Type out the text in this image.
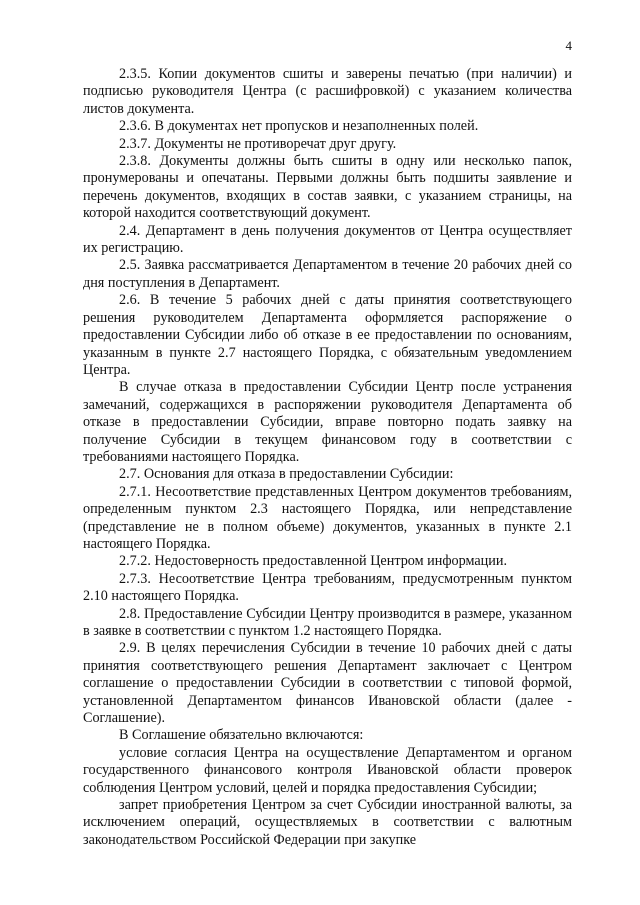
4

2.3.5. Копии документов сшиты и заверены печатью (при наличии) и подписью руководителя Центра (с расшифровкой) с указанием количества листов документа.

2.3.6. В документах нет пропусков и незаполненных полей.

2.3.7. Документы не противоречат друг другу.

2.3.8. Документы должны быть сшиты в одну или несколько папок, пронумерованы и опечатаны. Первыми должны быть подшиты заявление и перечень документов, входящих в состав заявки, с указанием страницы, на которой находится соответствующий документ.

2.4. Департамент в день получения документов от Центра осуществляет их регистрацию.

2.5. Заявка рассматривается Департаментом в течение 20 рабочих дней со дня поступления в Департамент.

2.6. В течение 5 рабочих дней с даты принятия соответствующего решения руководителем Департамента оформляется распоряжение о предоставлении Субсидии либо об отказе в ее предоставлении по основаниям, указанным в пункте 2.7 настоящего Порядка, с обязательным уведомлением Центра.

В случае отказа в предоставлении Субсидии Центр после устранения замечаний, содержащихся в распоряжении руководителя Департамента об отказе в предоставлении Субсидии, вправе повторно подать заявку на получение Субсидии в текущем финансовом году в соответствии с требованиями настоящего Порядка.

2.7. Основания для отказа в предоставлении Субсидии:

2.7.1. Несоответствие представленных Центром документов требованиям, определенным пунктом 2.3 настоящего Порядка, или непредставление (представление не в полном объеме) документов, указанных в пункте 2.1 настоящего Порядка.

2.7.2. Недостоверность предоставленной Центром информации.

2.7.3. Несоответствие Центра требованиям, предусмотренным пунктом 2.10 настоящего Порядка.

2.8. Предоставление Субсидии Центру производится в размере, указанном в заявке в соответствии с пунктом 1.2 настоящего Порядка.

2.9. В целях перечисления Субсидии в течение 10 рабочих дней с даты принятия соответствующего решения Департамент заключает с Центром соглашение о предоставлении Субсидии в соответствии с типовой формой, установленной Департаментом финансов Ивановской области (далее - Соглашение).

В Соглашение обязательно включаются:

условие согласия Центра на осуществление Департаментом и органом государственного финансового контроля Ивановской области проверок соблюдения Центром условий, целей и порядка предоставления Субсидии;

запрет приобретения Центром за счет Субсидии иностранной валюты, за исключением операций, осуществляемых в соответствии с валютным законодательством Российской Федерации при закупке
